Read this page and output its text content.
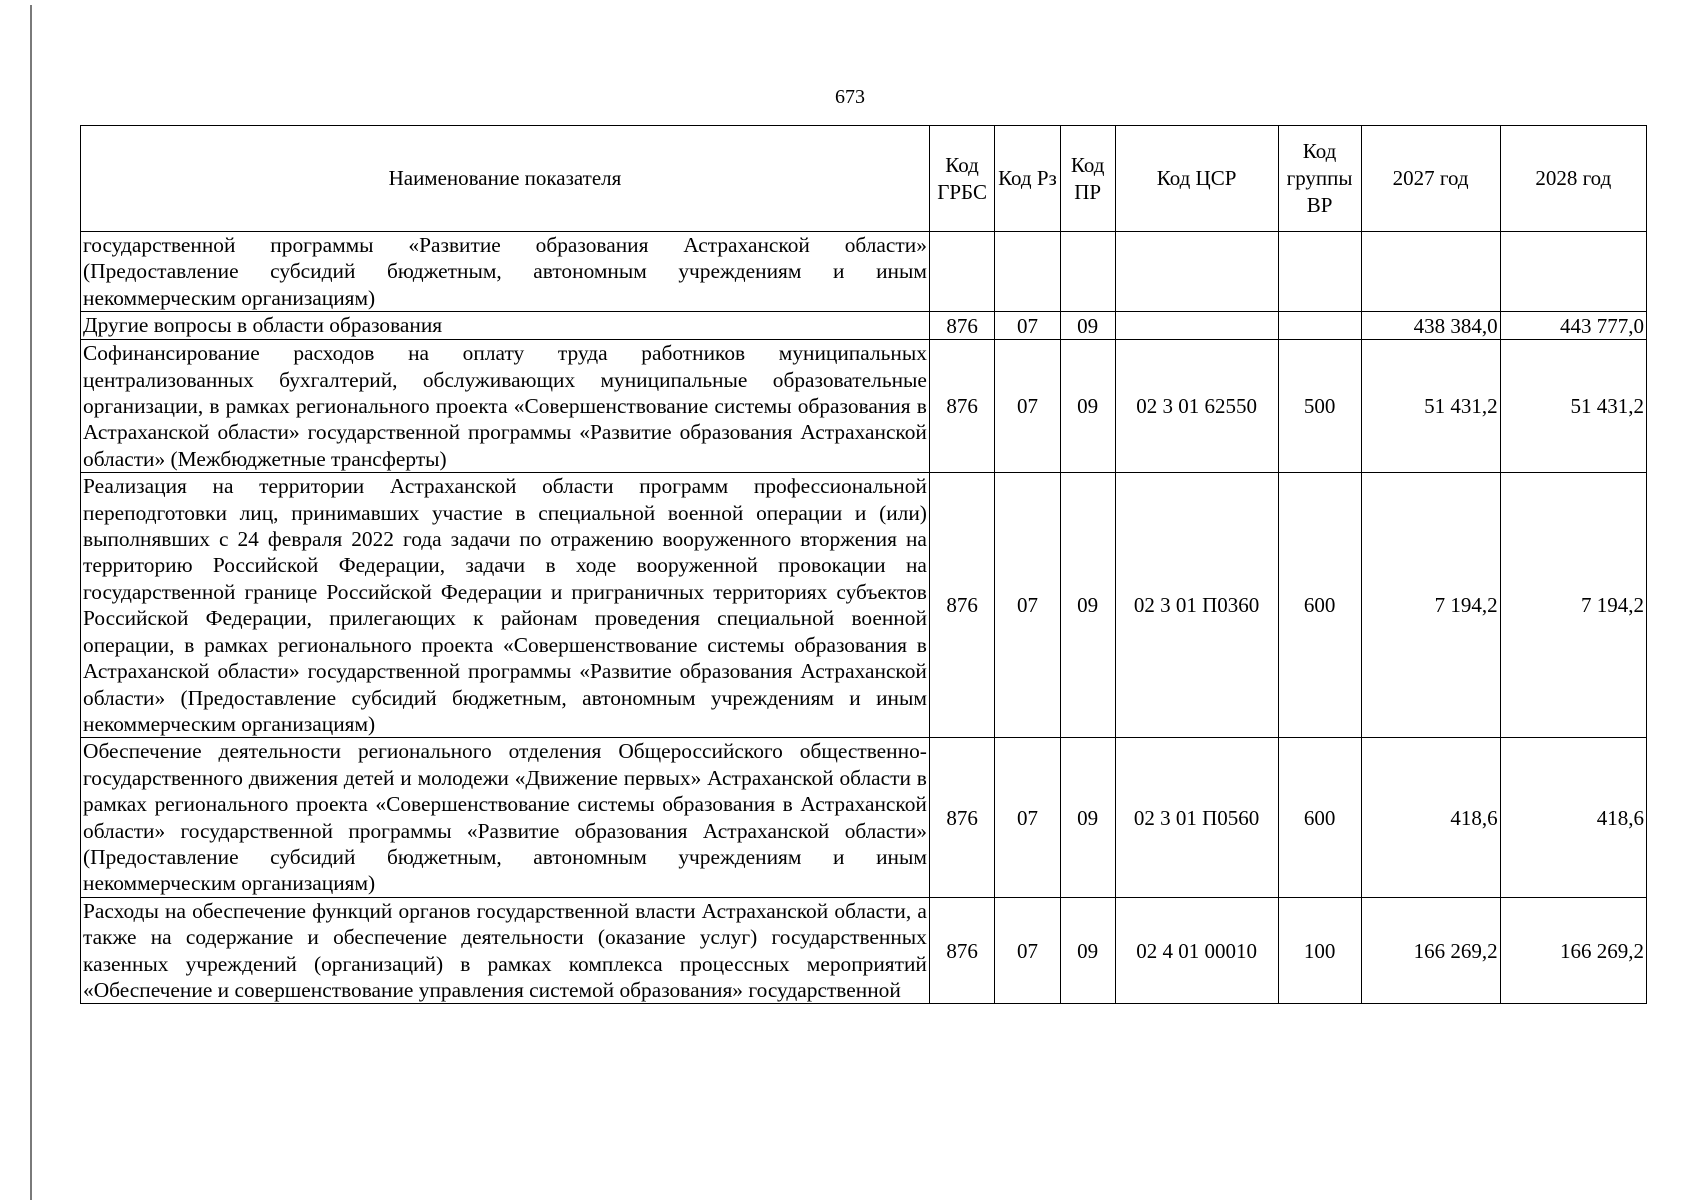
673
Наименование показателя	Код ГРБС	Код Рз	Код ПР	Код ЦСР	Код группы ВР	2027 год	2028 год
государственной программы «Развитие образования Астраханской области» (Предоставление субсидий бюджетным, автономным учреждениям и иным некоммерческим организациям)							
Другие вопросы в области образования	876	07	09			438 384,0	443 777,0
Софинансирование расходов на оплату труда работников муниципальных централизованных бухгалтерий, обслуживающих муниципальные образовательные организации, в рамках регионального проекта «Совершенствование системы образования в Астраханской области» государственной программы «Развитие образования Астраханской области» (Межбюджетные трансферты)	876	07	09	02 3 01 62550	500	51 431,2	51 431,2
Реализация на территории Астраханской области программ профессиональной переподготовки лиц, принимавших участие в специальной военной операции и (или) выполнявших с 24 февраля 2022 года задачи по отражению вооруженного вторжения на территорию Российской Федерации, задачи в ходе вооруженной провокации на государственной границе Российской Федерации и приграничных территориях субъектов Российской Федерации, прилегающих к районам проведения специальной военной операции, в рамках регионального проекта «Совершенствование системы образования в Астраханской области» государственной программы «Развитие образования Астраханской области» (Предоставление субсидий бюджетным, автономным учреждениям и иным некоммерческим организациям)	876	07	09	02 3 01 П0360	600	7 194,2	7 194,2
Обеспечение деятельности регионального отделения Общероссийского общественно-государственного движения детей и молодежи «Движение первых» Астраханской области в рамках регионального проекта «Совершенствование системы образования в Астраханской области» государственной программы «Развитие образования Астраханской области» (Предоставление субсидий бюджетным, автономным учреждениям и иным некоммерческим организациям)	876	07	09	02 3 01 П0560	600	418,6	418,6
Расходы на обеспечение функций органов государственной власти Астраханской области, а также на содержание и обеспечение деятельности (оказание услуг) государственных казенных учреждений (организаций) в рамках комплекса процессных мероприятий «Обеспечение и совершенствование управления системой образования» государственной	876	07	09	02 4 01 00010	100	166 269,2	166 269,2
